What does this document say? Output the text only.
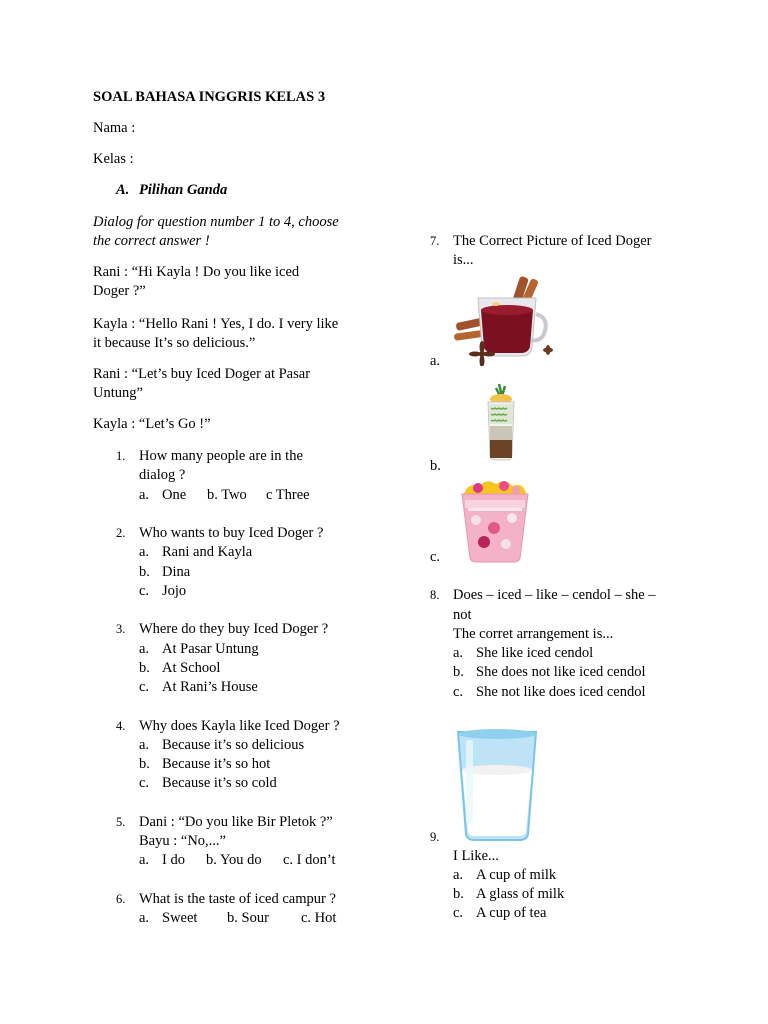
SOAL BAHASA INGGRIS KELAS 3
Nama :
Kelas :
A. Pilihan Ganda
Dialog for question number 1 to 4, choose
the correct answer !
Rani : “Hi Kayla ! Do you like iced
Doger ?”
Kayla : “Hello Rani ! Yes, I do. I very like
it because It’s so delicious.”
Rani : “Let’s buy Iced Doger at Pasar
Untung”
Kayla : “Let’s Go !”
1. How many people are in the
dialog ?
a. One b. Two c Three
2. Who wants to buy Iced Doger ?
a. Rani and Kayla
b. Dina
c. Jojo
3. Where do they buy Iced Doger ?
a. At Pasar Untung
b. At School
c. At Rani’s House
4. Why does Kayla like Iced Doger ?
a. Because it’s so delicious
b. Because it’s so hot
c. Because it’s so cold
5. Dani : “Do you like Bir Pletok ?”
Bayu : “No,...”
a. I do b. You do c. I don’t
6. What is the taste of iced campur ?
a. Sweet b. Sour c. Hot
7. The Correct Picture of Iced Doger
is...
a.
b.
c.
8. Does – iced – like – cendol – she –
not
The corret arrangement is...
a. She like iced cendol
b. She does not like iced cendol
c. She not like does iced cendol
9.
I Like...
a. A cup of milk
b. A glass of milk
c. A cup of tea
